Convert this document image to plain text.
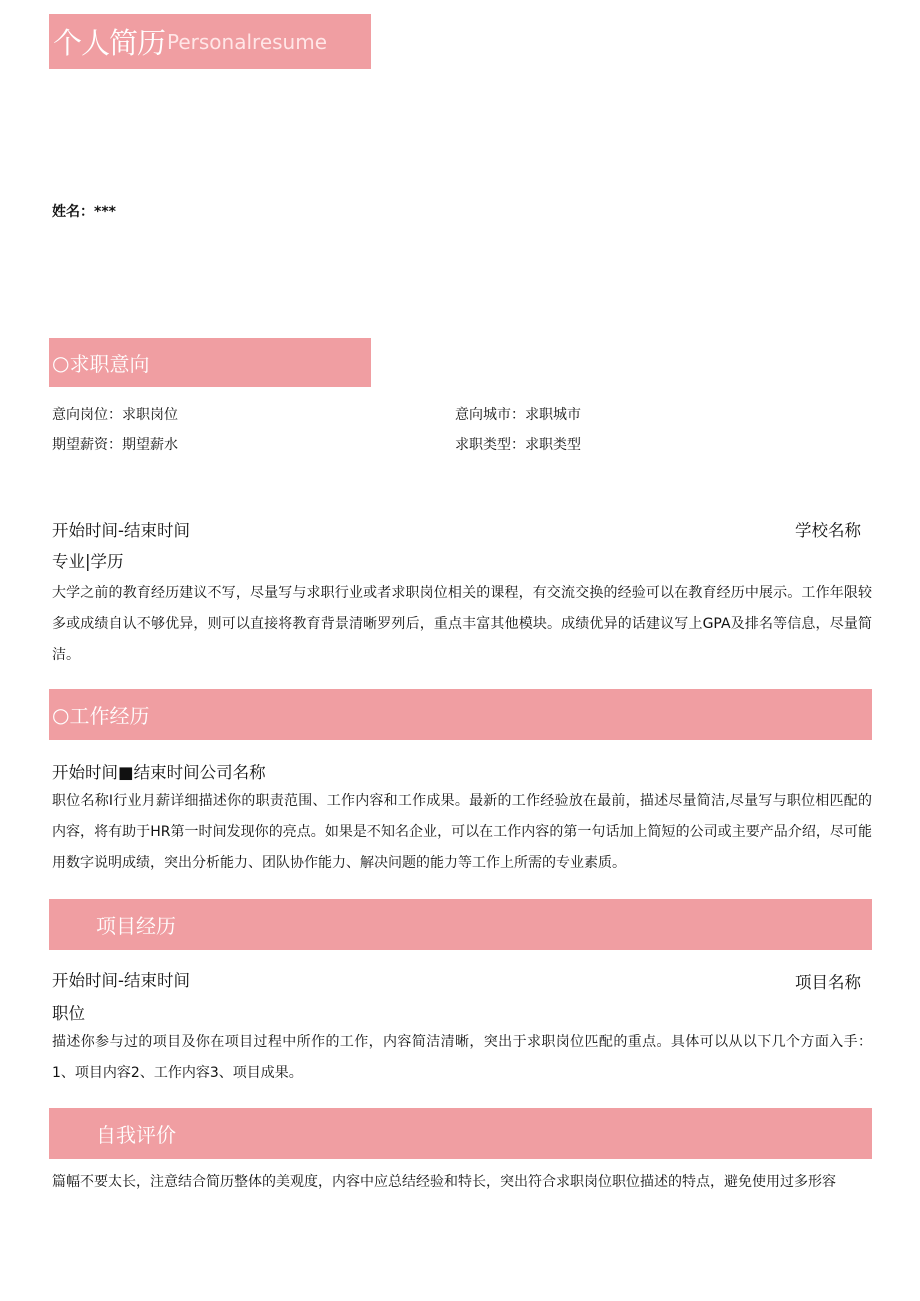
个人简历 Personalresume
姓名：***
○ 求职意向
意向岗位：求职岗位	意向城市：求职城市
期望薪资：期望薪水	求职类型：求职类型
开始时间-结束时间	学校名称
专业|学历
大学之前的教育经历建议不写，尽量写与求职行业或者求职岗位相关的课程，有交流交换的经验可以在教育经历中展示。工作年限较多或成绩自认不够优异，则可以直接将教育背景清晰罗列后，重点丰富其他模块。成绩优异的话建议写上GPA及排名等信息，尽量简洁。
○ 工作经历
开始时间■结束时间公司名称
职位名称I行业月薪详细描述你的职责范围、工作内容和工作成果。最新的工作经验放在最前，描述尽量简洁,尽量写与职位相匹配的内容，将有助于HR第一时间发现你的亮点。如果是不知名企业，可以在工作内容的第一句话加上简短的公司或主要产品介绍，尽可能用数字说明成绩，突出分析能力、团队协作能力、解决问题的能力等工作上所需的专业素质。
项目经历
开始时间-结束时间	项目名称
职位
描述你参与过的项目及你在项目过程中所作的工作，内容简洁清晰，突出于求职岗位匹配的重点。具体可以从以下几个方面入手：1、项目内容2、工作内容3、项目成果。
自我评价
篇幅不要太长，注意结合简历整体的美观度，内容中应总结经验和特长，突出符合求职岗位职位描述的特点，避免使用过多形容
